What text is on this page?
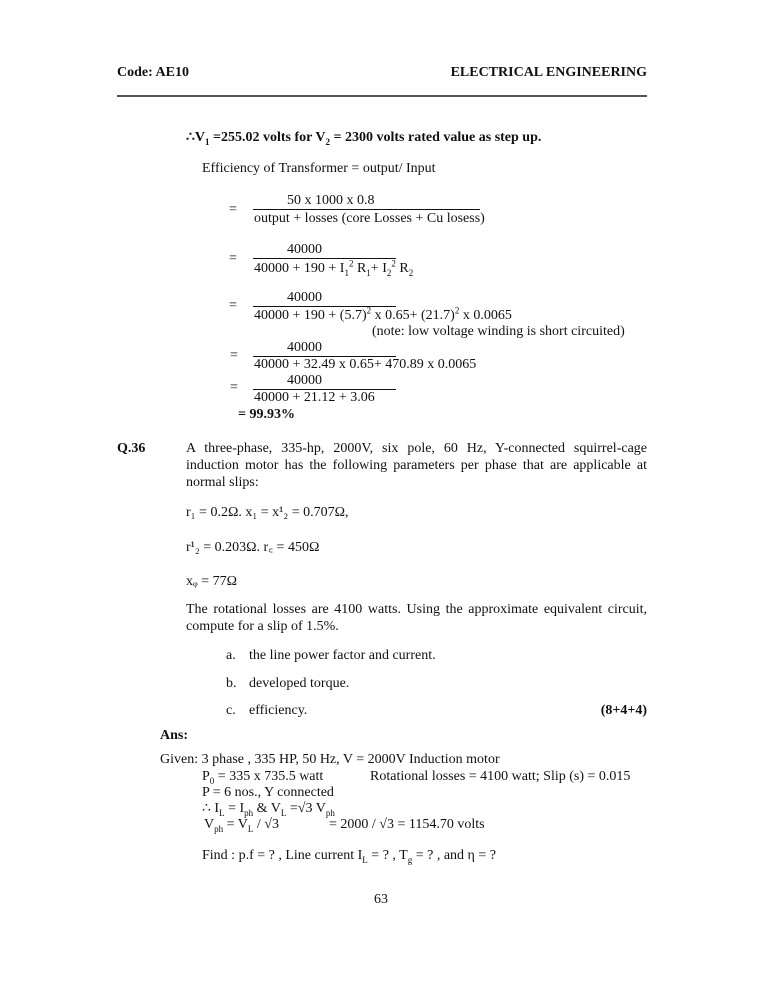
Code: AE10	ELECTRICAL ENGINEERING
$\therefore V_1 =255.02$ volts for $V_2 = 2300$ volts rated value as step up.
Efficiency of Transformer = output/ Input
=
50 x 1000 x 0.8
output + losses (core Losses + Cu losess)
=
40000
$40000 + 190 + I_1^2$ $R_1+ I_2^2$ $R_2$
=
40000
$40000 + 190 + (5.7)^2$ x $0.65+ (21.7)^2$ x 0.0065
(note: low voltage winding is short circuited)
=
40000
40000 + 32.49 x 0.65+ 470.89 x 0.0065
=	40000
40000 + 21.12 + 3.06
= 99.93%
Q.36	A three-phase, 335-hp, 2000V, six pole, 60 Hz, Y-connected squirrel-cage
induction motor has the following parameters per phase that are applicable at
normal slips:
r₁ = 0.2Ω. x₁ = x¹₂ = 0.707Ω,
r¹₂ = 0.203Ω. r꜀ = 450Ω
xᵩ = 77Ω
The rotational losses are 4100 watts. Using the approximate equivalent circuit,
compute for a slip of 1.5%.
a. the line power factor and current.
b. developed torque.
c. efficiency.	(8+4+4)
Ans:
Given: 3 phase , 335 HP, 50 Hz, V = 2000V Induction motor
$P_0 = 335$ x 735.5 watt	Rotational losses = 4100 watt; Slip (s) = 0.015
P = 6 nos., Y connected
∴ $I_L = I_{ph}$ & $V_L =√3$ $V_{ph}$
$V_{ph} = V_L / √3$	= 2000 / √3 = 1154.70 volts
Find : p.f = ? , Line current $I_L$ = ? , $T_g$ = ? , and η = ?
63
